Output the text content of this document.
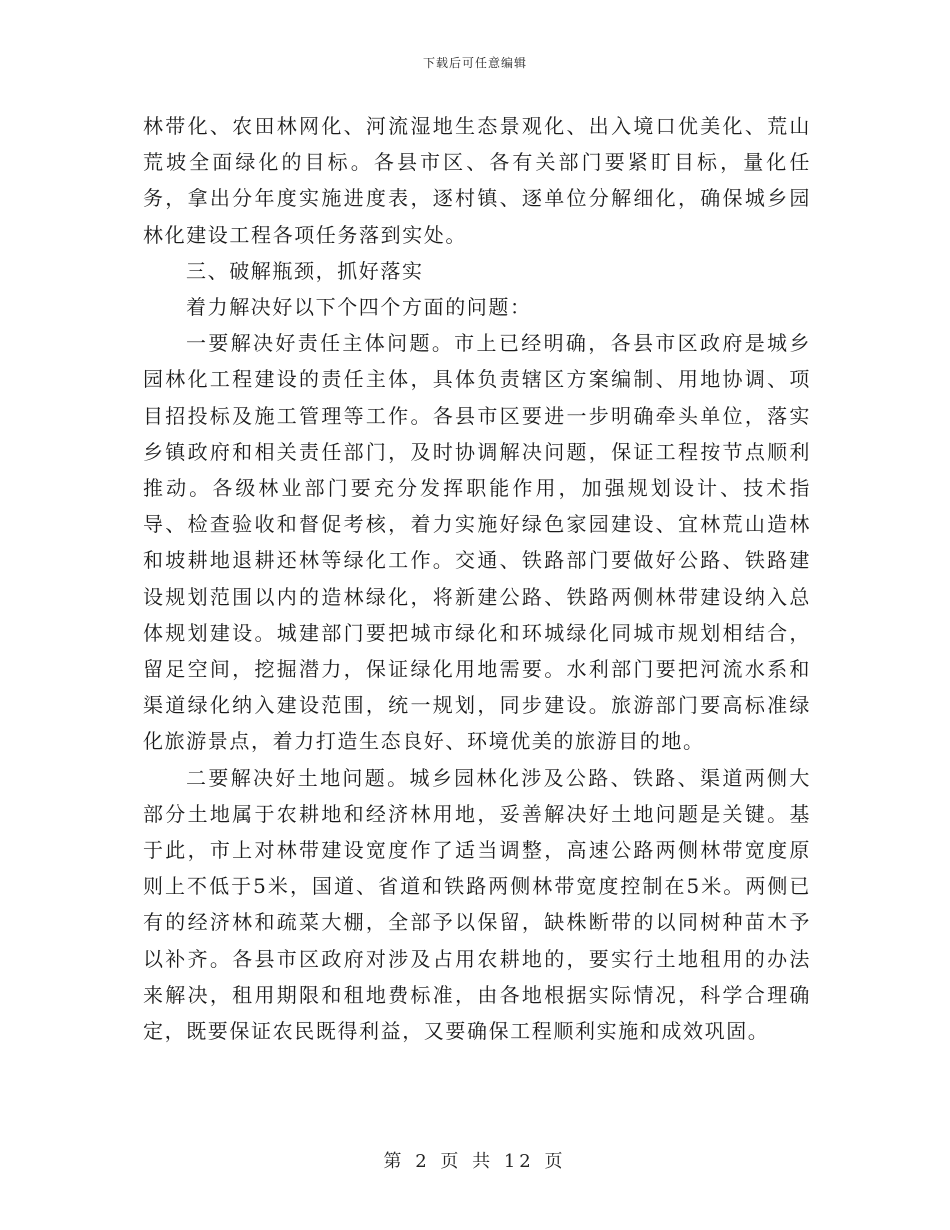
下载后可任意编辑

林带化、农田林网化、河流湿地生态景观化、出入境口优美化、荒山荒坡全面绿化的目标。各县市区、各有关部门要紧盯目标，量化任务，拿出分年度实施进度表，逐村镇、逐单位分解细化，确保城乡园林化建设工程各项任务落到实处。

三、破解瓶颈，抓好落实

着力解决好以下个四个方面的问题：

一要解决好责任主体问题。市上已经明确，各县市区政府是城乡园林化工程建设的责任主体，具体负责辖区方案编制、用地协调、项目招投标及施工管理等工作。各县市区要进一步明确牵头单位，落实乡镇政府和相关责任部门，及时协调解决问题，保证工程按节点顺利推动。各级林业部门要充分发挥职能作用，加强规划设计、技术指导、检查验收和督促考核，着力实施好绿色家园建设、宜林荒山造林和坡耕地退耕还林等绿化工作。交通、铁路部门要做好公路、铁路建设规划范围以内的造林绿化，将新建公路、铁路两侧林带建设纳入总体规划建设。城建部门要把城市绿化和环城绿化同城市规划相结合，留足空间，挖掘潜力，保证绿化用地需要。水利部门要把河流水系和渠道绿化纳入建设范围，统一规划，同步建设。旅游部门要高标准绿化旅游景点，着力打造生态良好、环境优美的旅游目的地。

二要解决好土地问题。城乡园林化涉及公路、铁路、渠道两侧大部分土地属于农耕地和经济林用地，妥善解决好土地问题是关键。基于此，市上对林带建设宽度作了适当调整，高速公路两侧林带宽度原则上不低于5米，国道、省道和铁路两侧林带宽度控制在5米。两侧已有的经济林和疏菜大棚，全部予以保留，缺株断带的以同树种苗木予以补齐。各县市区政府对涉及占用农耕地的，要实行土地租用的办法来解决，租用期限和租地费标准，由各地根据实际情况，科学合理确定，既要保证农民既得利益，又要确保工程顺利实施和成效巩固。

第 2 页 共 12 页
